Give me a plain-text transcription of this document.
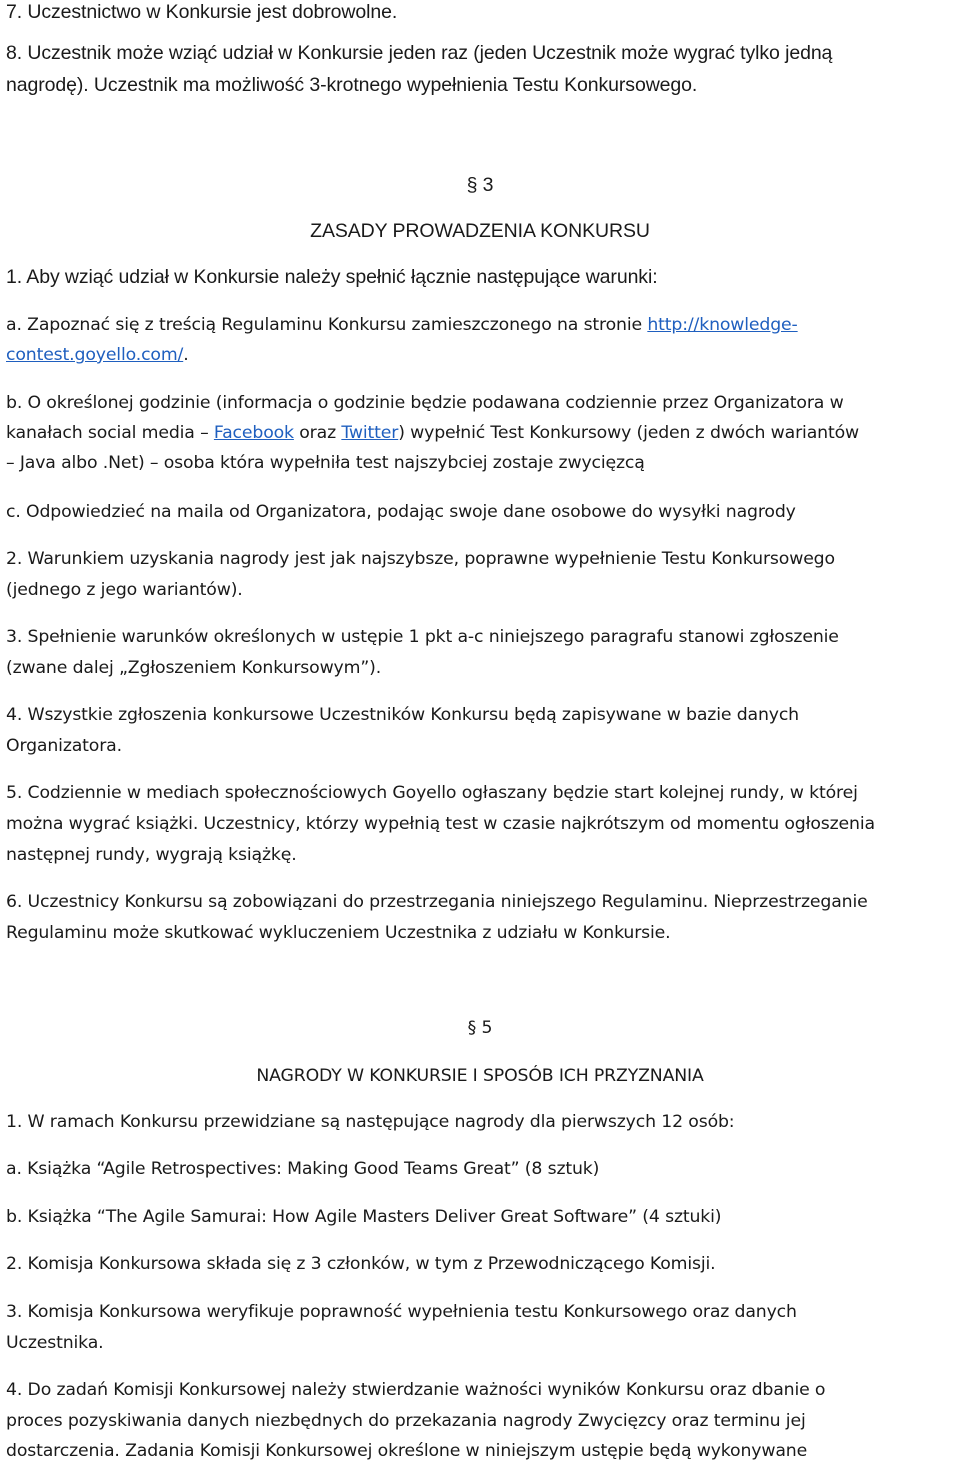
7. Uczestnictwo w Konkursie jest dobrowolne.
8. Uczestnik może wziąć udział w Konkursie jeden raz (jeden Uczestnik może wygrać tylko jedną
nagrodę). Uczestnik ma możliwość 3-krotnego wypełnienia Testu Konkursowego.
§ 3
ZASADY PROWADZENIA KONKURSU
1. Aby wziąć udział w Konkursie należy spełnić łącznie następujące warunki:
a. Zapoznać się z treścią Regulaminu Konkursu zamieszczonego na stronie http://knowledge-
contest.goyello.com/.
b. O określonej godzinie (informacja o godzinie będzie podawana codziennie przez Organizatora w
kanałach social media – Facebook oraz Twitter) wypełnić Test Konkursowy (jeden z dwóch wariantów
– Java albo .Net) – osoba która wypełniła test najszybciej zostaje zwycięzcą
c. Odpowiedzieć na maila od Organizatora, podając swoje dane osobowe do wysyłki nagrody
2. Warunkiem uzyskania nagrody jest jak najszybsze, poprawne wypełnienie Testu Konkursowego
(jednego z jego wariantów).
3. Spełnienie warunków określonych w ustępie 1 pkt a-c niniejszego paragrafu stanowi zgłoszenie
(zwane dalej „Zgłoszeniem Konkursowym”).
4. Wszystkie zgłoszenia konkursowe Uczestników Konkursu będą zapisywane w bazie danych
Organizatora.
5. Codziennie w mediach społecznościowych Goyello ogłaszany będzie start kolejnej rundy, w której
można wygrać książki. Uczestnicy, którzy wypełnią test w czasie najkrótszym od momentu ogłoszenia
następnej rundy, wygrają książkę.
6. Uczestnicy Konkursu są zobowiązani do przestrzegania niniejszego Regulaminu. Nieprzestrzeganie
Regulaminu może skutkować wykluczeniem Uczestnika z udziału w Konkursie.
§ 5
NAGRODY W KONKURSIE I SPOSÓB ICH PRZYZNANIA
1. W ramach Konkursu przewidziane są następujące nagrody dla pierwszych 12 osób:
a. Książka “Agile Retrospectives: Making Good Teams Great” (8 sztuk)
b. Książka “The Agile Samurai: How Agile Masters Deliver Great Software” (4 sztuki)
2. Komisja Konkursowa składa się z 3 członków, w tym z Przewodniczącego Komisji.
3. Komisja Konkursowa weryfikuje poprawność wypełnienia testu Konkursowego oraz danych
Uczestnika.
4. Do zadań Komisji Konkursowej należy stwierdzanie ważności wyników Konkursu oraz dbanie o
proces pozyskiwania danych niezbędnych do przekazania nagrody Zwycięzcy oraz terminu jej
dostarczenia. Zadania Komisji Konkursowej określone w niniejszym ustępie będą wykonywane
